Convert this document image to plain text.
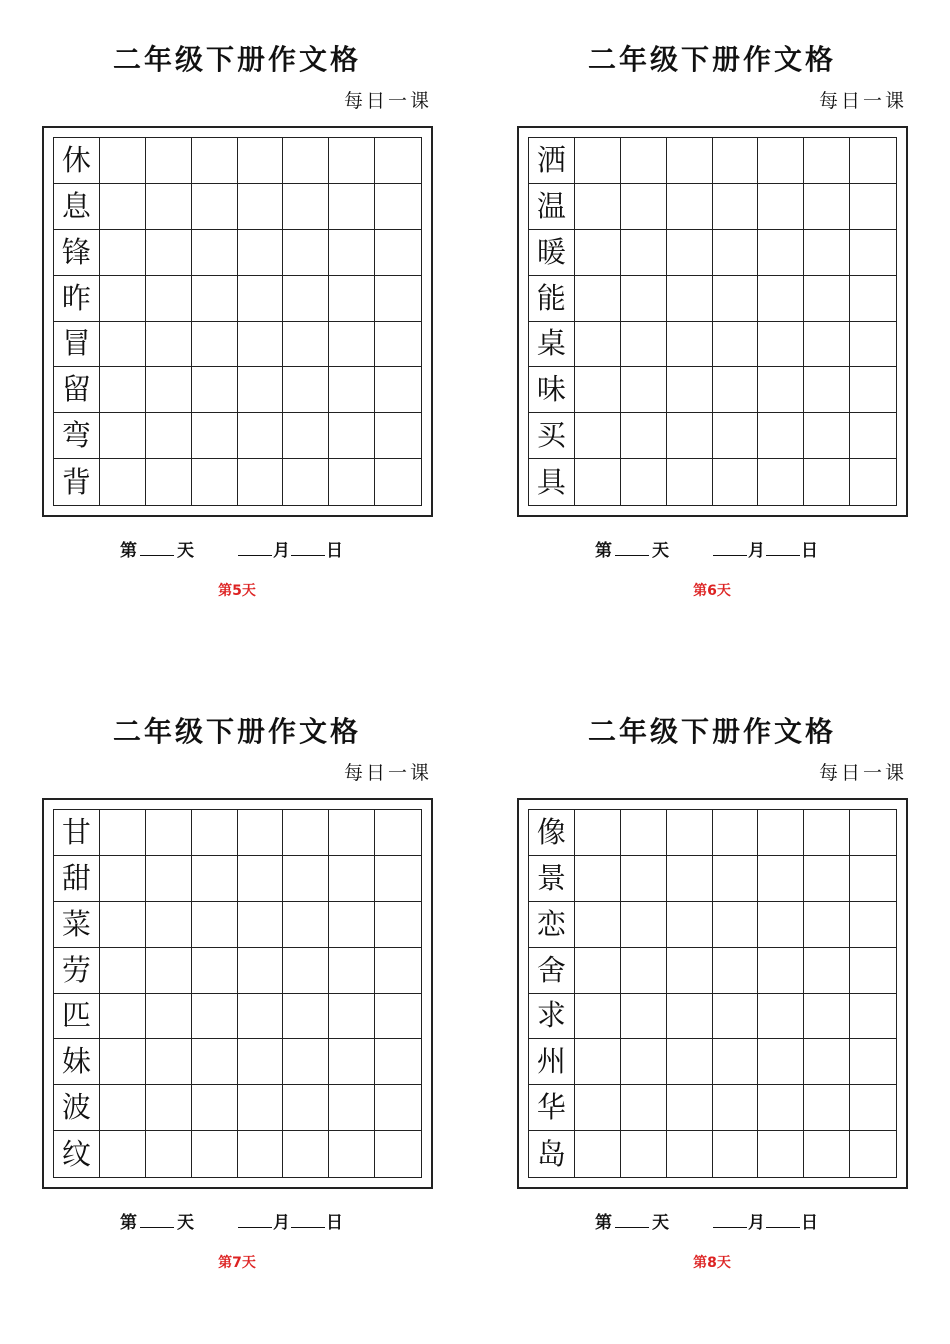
二年级下册作文格
每日一课
休
息
锋
昨
冒
留
弯
背
第 天	月 日
第5天
二年级下册作文格
每日一课
洒
温
暖
能
桌
味
买
具
第 天	月 日
第6天
二年级下册作文格
每日一课
甘
甜
菜
劳
匹
妹
波
纹
第 天	月 日
第7天
二年级下册作文格
每日一课
像
景
恋
舍
求
州
华
岛
第 天	月 日
第8天
